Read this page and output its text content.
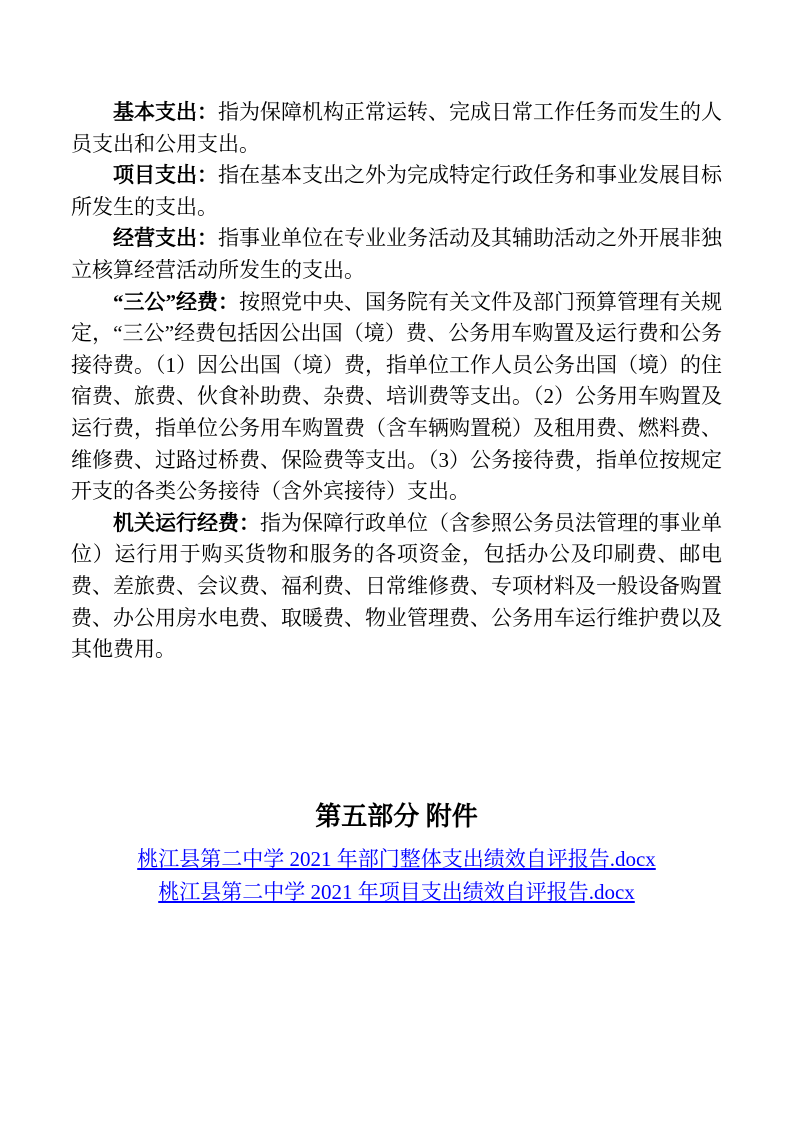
基本支出：指为保障机构正常运转、完成日常工作任务而发生的人员支出和公用支出。

项目支出：指在基本支出之外为完成特定行政任务和事业发展目标所发生的支出。

经营支出：指事业单位在专业业务活动及其辅助活动之外开展非独立核算经营活动所发生的支出。

“三公”经费：按照党中央、国务院有关文件及部门预算管理有关规定，“三公”经费包括因公出国（境）费、公务用车购置及运行费和公务接待费。（1）因公出国（境）费，指单位工作人员公务出国（境）的住宿费、旅费、伙食补助费、杂费、培训费等支出。（2）公务用车购置及运行费，指单位公务用车购置费（含车辆购置税）及租用费、燃料费、维修费、过路过桥费、保险费等支出。（3）公务接待费，指单位按规定开支的各类公务接待（含外宾接待）支出。

机关运行经费：指为保障行政单位（含参照公务员法管理的事业单位）运行用于购买货物和服务的各项资金，包括办公及印刷费、邮电费、差旅费、会议费、福利费、日常维修费、专项材料及一般设备购置费、办公用房水电费、取暖费、物业管理费、公务用车运行维护费以及其他费用。

第五部分 附件

桃江县第二中学 2021 年部门整体支出绩效自评报告.docx

桃江县第二中学 2021 年项目支出绩效自评报告.docx
